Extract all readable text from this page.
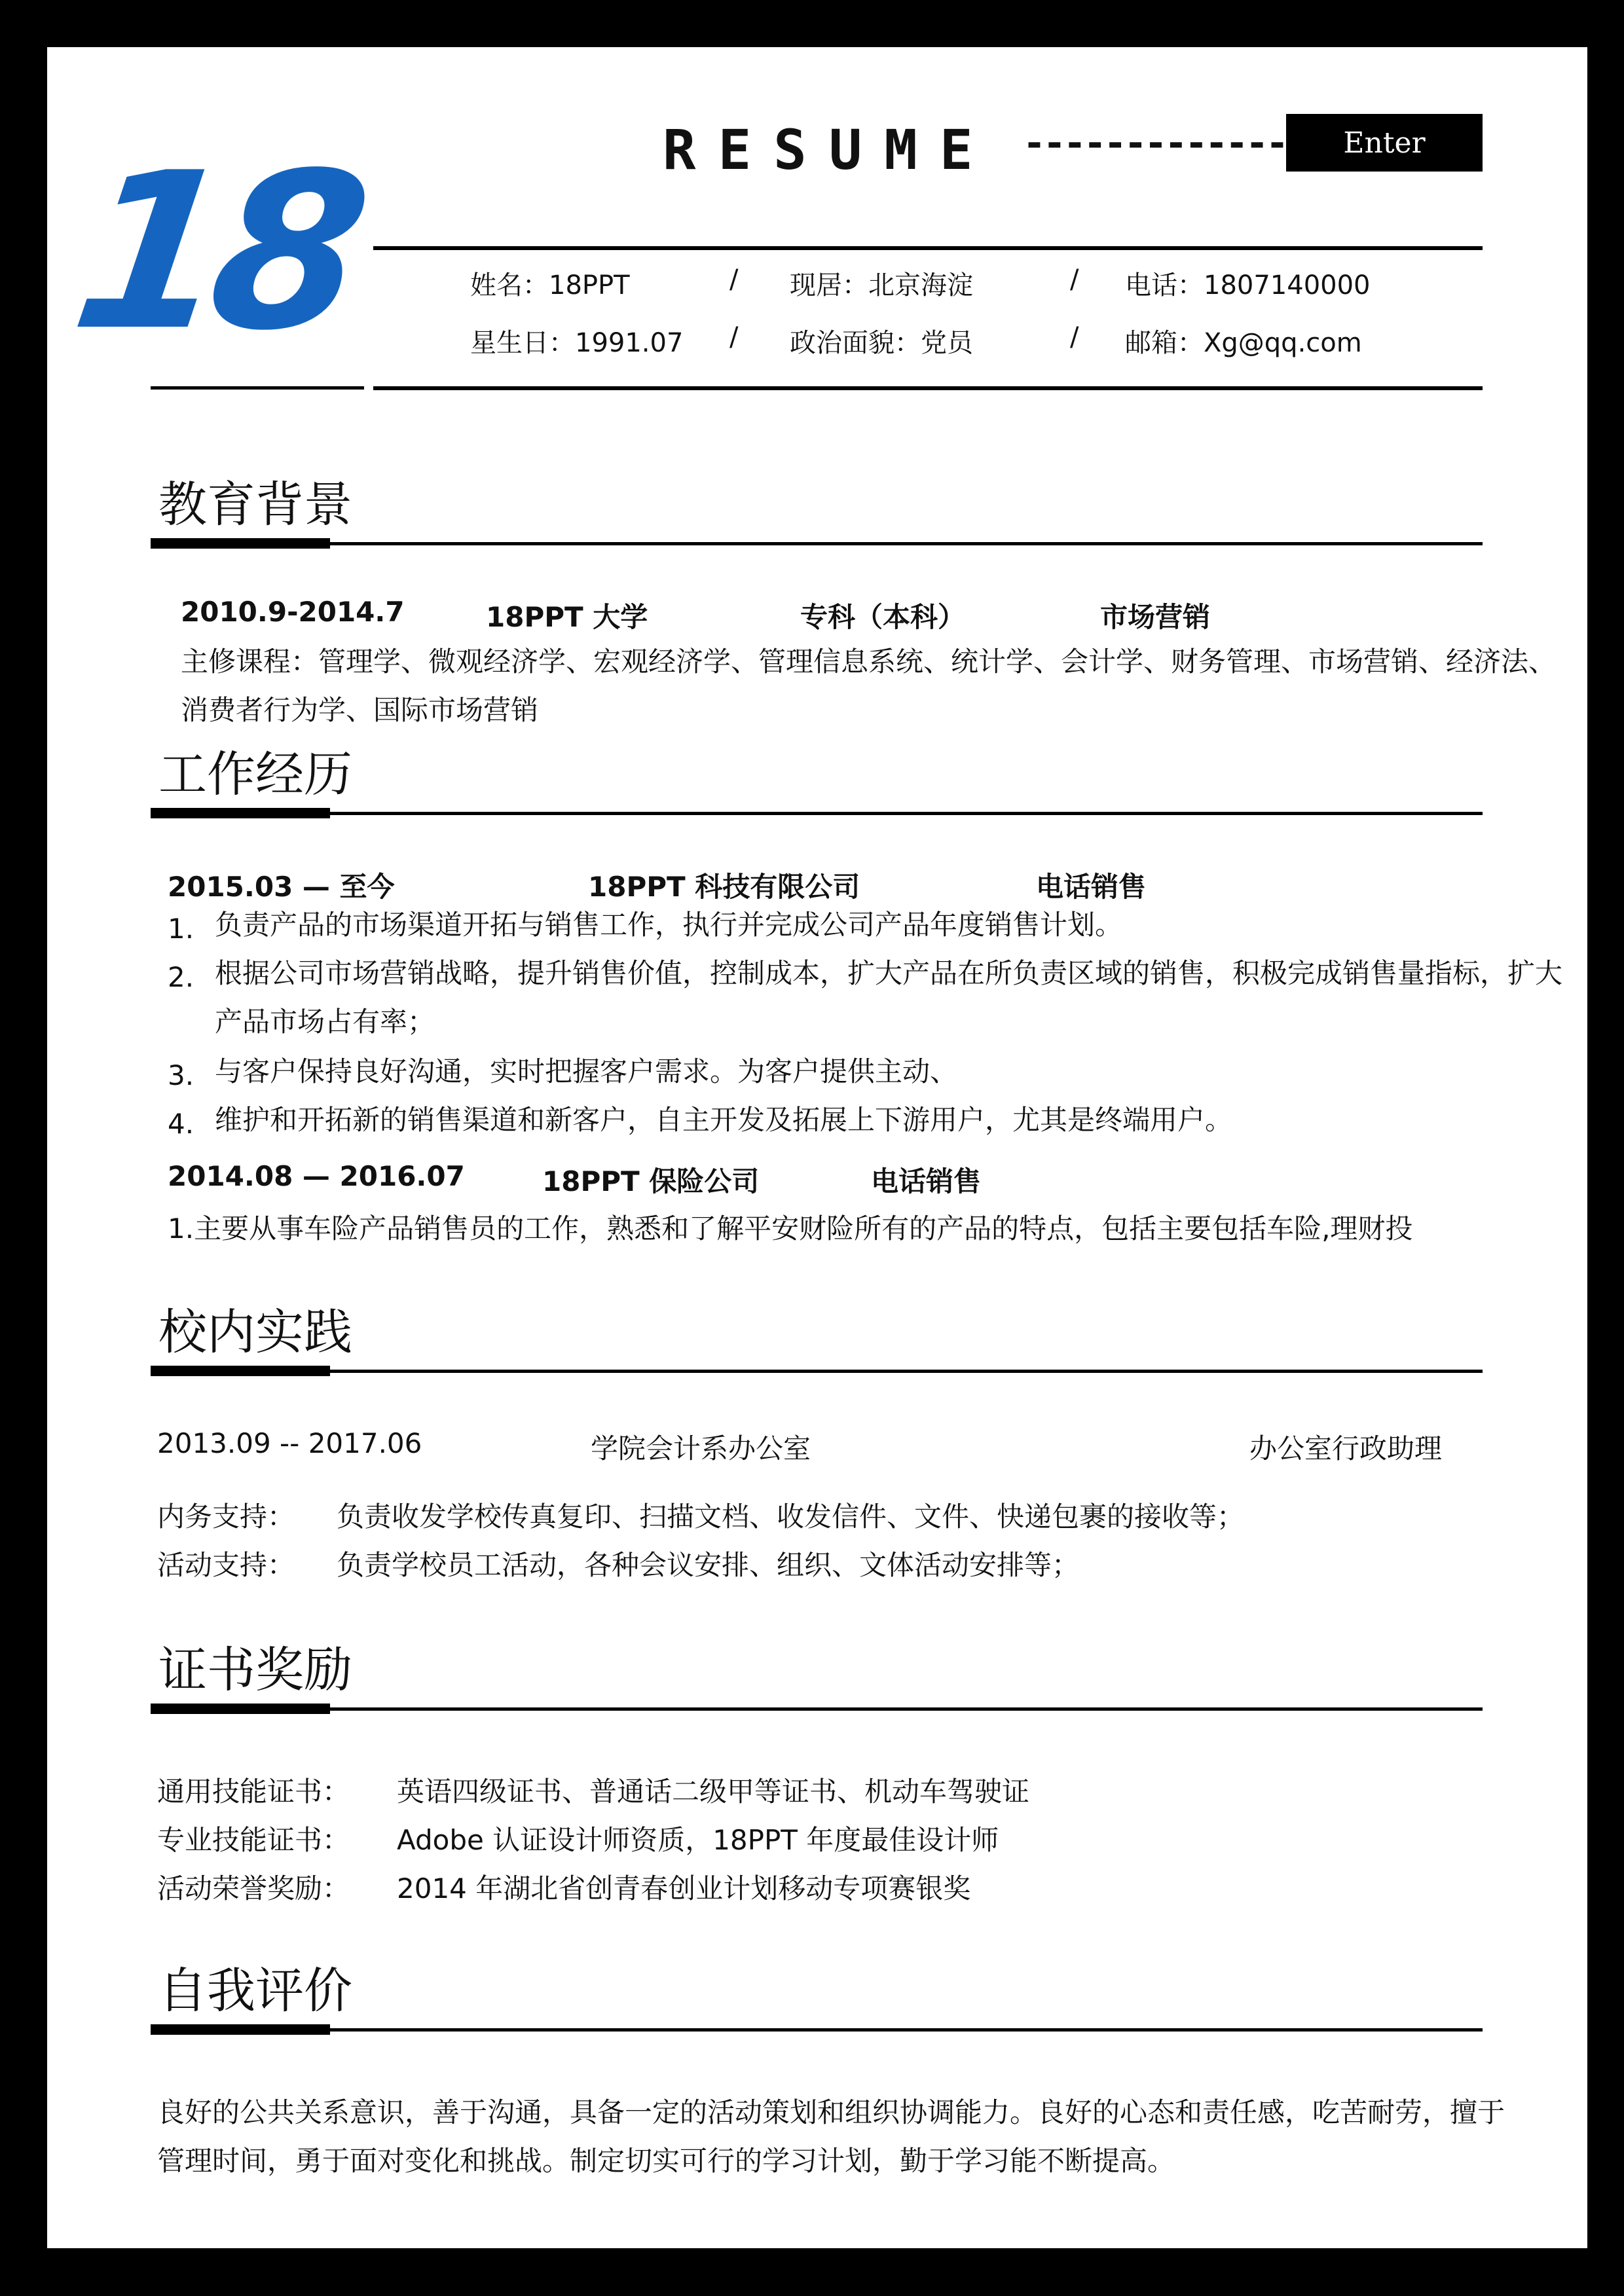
18	RESUME -------------	Enter
姓名：18PPT	/ 现居：北京海淀	/ 电话：1807140000
星生日：1991.07 / 政治面貌：党员	/ 邮箱：Xg@qq.com
教育背景
2010.9-2014.7	18PPT 大学	专科（本科）	市场营销
主修课程：管理学、微观经济学、宏观经济学、管理信息系统、统计学、会计学、财务管理、市场营销、经济法、消费者行为学、国际市场营销
工作经历
2015.03 — 至今	18PPT 科技有限公司	电话销售
1. 负责产品的市场渠道开拓与销售工作，执行并完成公司产品年度销售计划。
2. 根据公司市场营销战略，提升销售价值，控制成本，扩大产品在所负责区域的销售，积极完成销售量指标，扩大产品市场占有率；
3. 与客户保持良好沟通，实时把握客户需求。为客户提供主动、
4. 维护和开拓新的销售渠道和新客户，自主开发及拓展上下游用户，尤其是终端用户。
2014.08 — 2016.07	18PPT 保险公司	电话销售
1.主要从事车险产品销售员的工作，熟悉和了解平安财险所有的产品的特点，包括主要包括车险,理财投
校内实践
2013.09 -- 2017.06	学院会计系办公室	办公室行政助理
内务支持： 负责收发学校传真复印、扫描文档、收发信件、文件、快递包裹的接收等；
活动支持： 负责学校员工活动，各种会议安排、组织、文体活动安排等；
证书奖励
通用技能证书： 英语四级证书、普通话二级甲等证书、机动车驾驶证
专业技能证书： Adobe 认证设计师资质，18PPT 年度最佳设计师
活动荣誉奖励： 2014 年湖北省创青春创业计划移动专项赛银奖
自我评价
良好的公共关系意识，善于沟通，具备一定的活动策划和组织协调能力。良好的心态和责任感，吃苦耐劳，擅于管理时间，勇于面对变化和挑战。制定切实可行的学习计划，勤于学习能不断提高。
